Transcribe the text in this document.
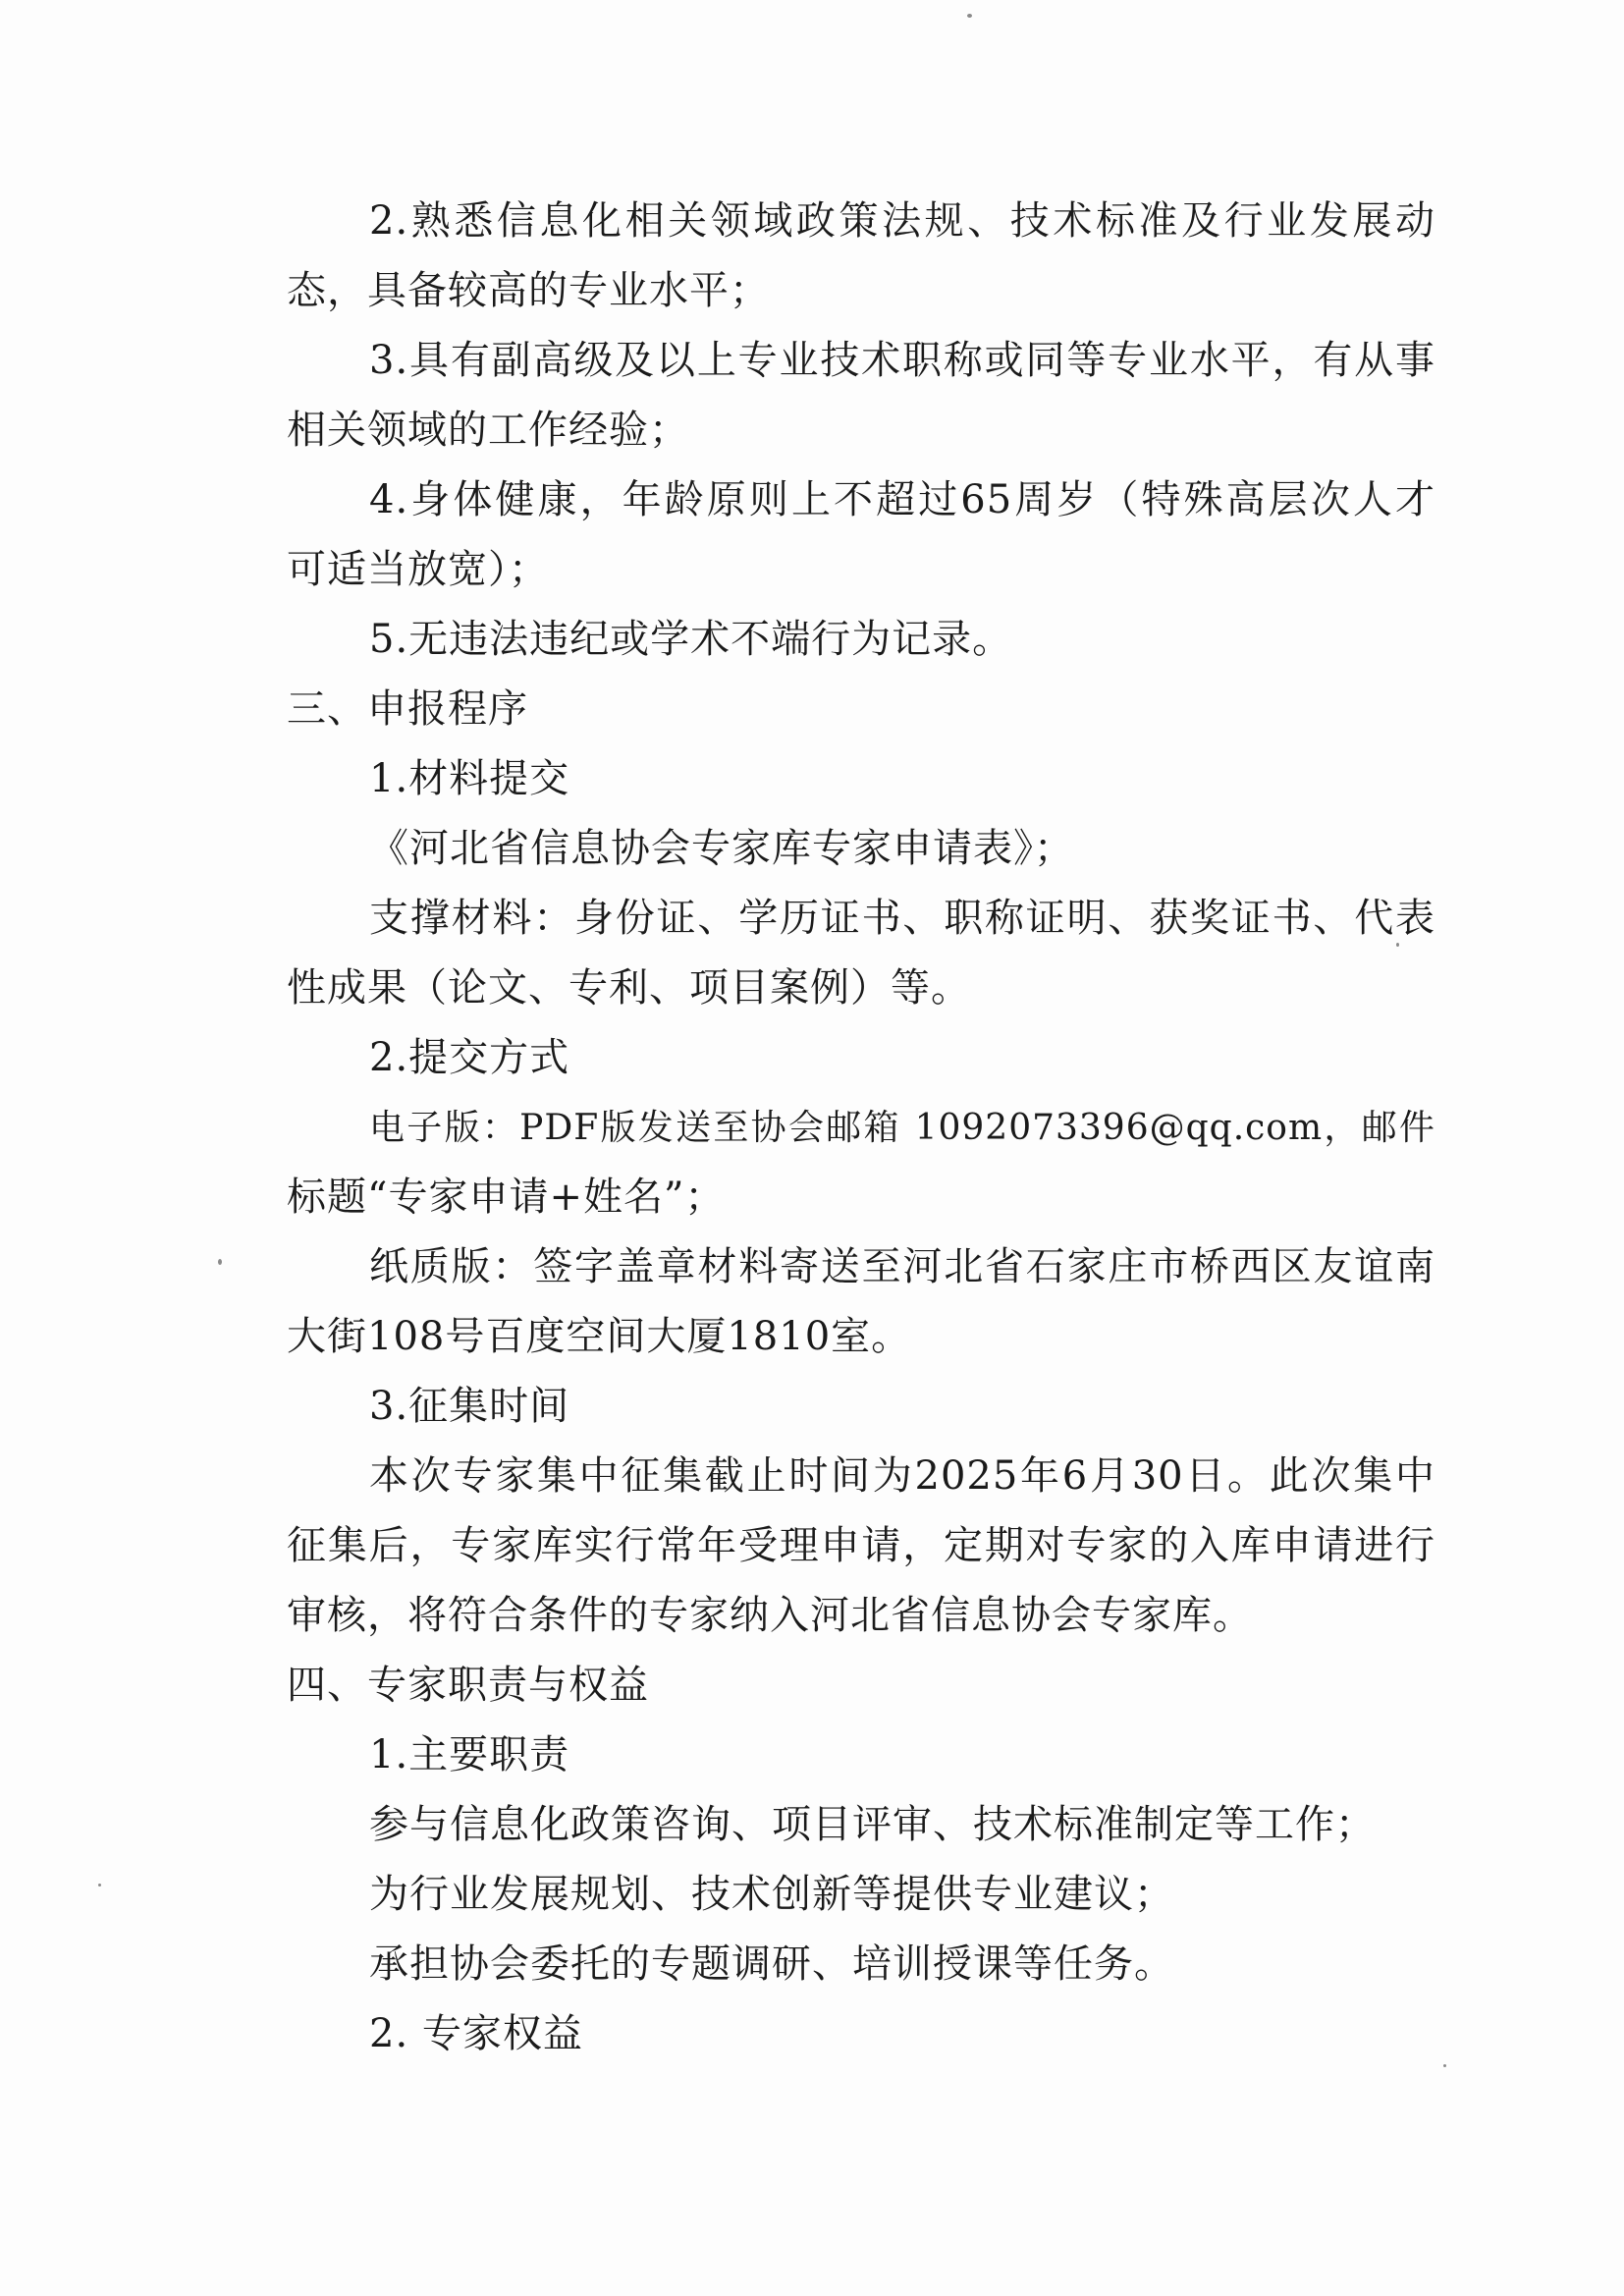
2.熟悉信息化相关领域政策法规、技术标准及行业发展动
态，具备较高的专业水平；
3.具有副高级及以上专业技术职称或同等专业水平，有从事
相关领域的工作经验；
4.身体健康，年龄原则上不超过65周岁（特殊高层次人才
可适当放宽）；
5.无违法违纪或学术不端行为记录。
三、申报程序
1.材料提交
《河北省信息协会专家库专家申请表》；
支撑材料：身份证、学历证书、职称证明、获奖证书、代表
性成果（论文、专利、项目案例）等。
2.提交方式
电子版：PDF版发送至协会邮箱 1092073396@qq.com，邮件
标题“专家申请+姓名”；
纸质版：签字盖章材料寄送至河北省石家庄市桥西区友谊南
大街108号百度空间大厦1810室。
3.征集时间
本次专家集中征集截止时间为2025年6月30日。此次集中
征集后，专家库实行常年受理申请，定期对专家的入库申请进行
审核，将符合条件的专家纳入河北省信息协会专家库。
四、专家职责与权益
1.主要职责
参与信息化政策咨询、项目评审、技术标准制定等工作；
为行业发展规划、技术创新等提供专业建议；
承担协会委托的专题调研、培训授课等任务。
2. 专家权益
